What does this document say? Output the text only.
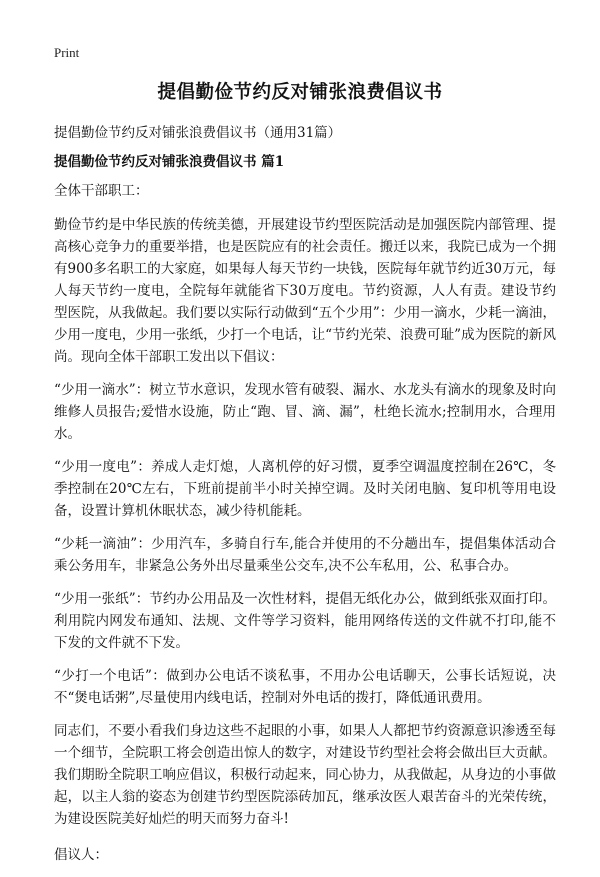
Print
提倡勤俭节约反对铺张浪费倡议书
提倡勤俭节约反对铺张浪费倡议书（通用31篇）
提倡勤俭节约反对铺张浪费倡议书 篇1

全体干部职工：

勤俭节约是中华民族的传统美德，开展建设节约型医院活动是加强医院内部管理、提高核心竞争力的重要举措，也是医院应有的社会责任。搬迁以来，我院已成为一个拥有900多名职工的大家庭，如果每人每天节约一块钱，医院每年就节约近30万元，每人每天节约一度电，全院每年就能省下30万度电。节约资源，人人有责。建设节约型医院，从我做起。我们要以实际行动做到“五个少用”：少用一滴水，少耗一滴油，少用一度电，少用一张纸，少打一个电话，让“节约光荣、浪费可耻”成为医院的新风尚。现向全体干部职工发出以下倡议：

“少用一滴水”：树立节水意识，发现水管有破裂、漏水、水龙头有滴水的现象及时向维修人员报告;爱惜水设施，防止“跑、冒、滴、漏”，杜绝长流水;控制用水，合理用水。

“少用一度电”：养成人走灯熄，人离机停的好习惯，夏季空调温度控制在26℃，冬季控制在20℃左右，下班前提前半小时关掉空调。及时关闭电脑、复印机等用电设备，设置计算机休眠状态，减少待机能耗。

“少耗一滴油”：少用汽车，多骑自行车,能合并使用的不分趟出车，提倡集体活动合乘公务用车，非紧急公务外出尽量乘坐公交车,决不公车私用，公、私事合办。

“少用一张纸”：节约办公用品及一次性材料，提倡无纸化办公，做到纸张双面打印。利用院内网发布通知、法规、文件等学习资料，能用网络传送的文件就不打印,能不下发的文件就不下发。

“少打一个电话”：做到办公电话不谈私事，不用办公电话聊天，公事长话短说，决不“煲电话粥”,尽量使用内线电话，控制对外电话的拨打，降低通讯费用。

同志们，不要小看我们身边这些不起眼的小事，如果人人都把节约资源意识渗透至每一个细节，全院职工将会创造出惊人的数字，对建设节约型社会将会做出巨大贡献。我们期盼全院职工响应倡议，积极行动起来，同心协力，从我做起，从身边的小事做起，以主人翁的姿态为创建节约型医院添砖加瓦，继承汝医人艰苦奋斗的光荣传统，为建设医院美好灿烂的明天而努力奋斗!

倡议人：
